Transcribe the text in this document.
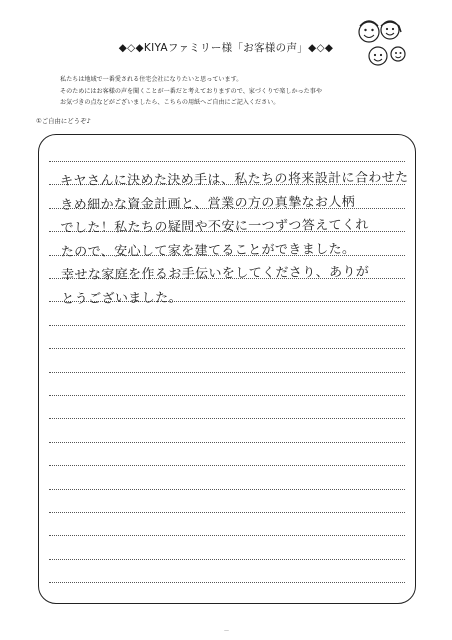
◆◇◆KIYAファミリー様「お客様の声」◆◇◆

私たちは地域で一番愛される住宅会社になりたいと思っています。

そのためにはお客様の声を聞くことが一番だと考えておりますので、家づくりで楽しかった事や

お気づきの点などがございましたら、こちらの用紙へご自由にご記入ください。

①ご自由にどうぞ♪
キヤさんに決めた決め手は、私たちの将来設計に合わせた
きめ細かな資金計画と、営業の方の真摯なお人柄
でした！私たちの疑問や不安に一つずつ答えてくれ
たので、安心して家を建てることができました。
幸せな家庭を作るお手伝いをしてくださり、ありが
とうございました。
—
